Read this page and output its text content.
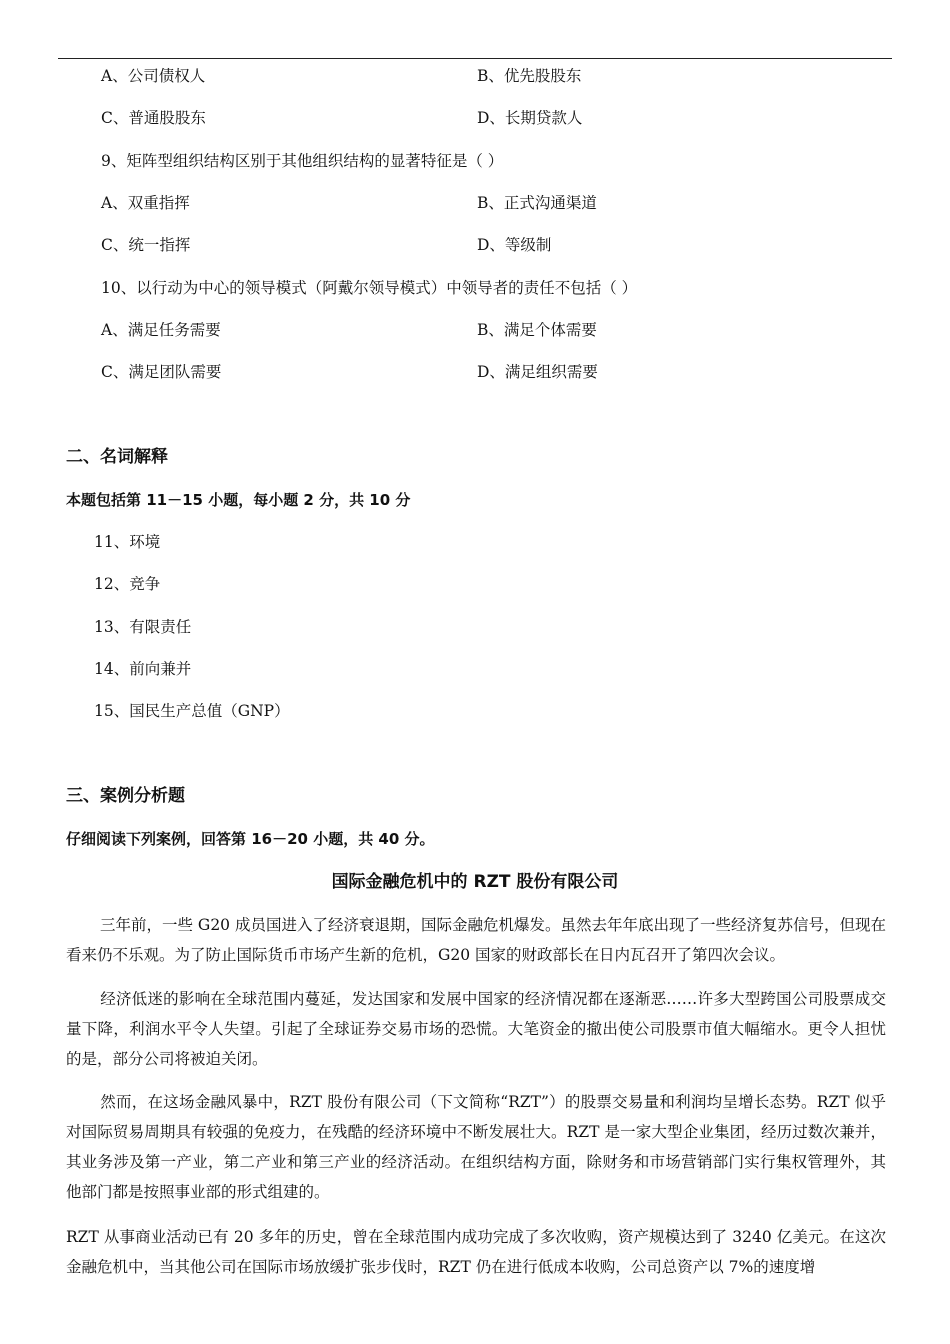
A、公司债权人	B、优先股股东
C、普通股股东	D、长期贷款人
9、矩阵型组织结构区别于其他组织结构的显著特征是（ ）
A、双重指挥	B、正式沟通渠道
C、统一指挥	D、等级制
10、以行动为中心的领导模式（阿戴尔领导模式）中领导者的责任不包括（ ）
A、满足任务需要	B、满足个体需要
C、满足团队需要	D、满足组织需要
二、名词解释
本题包括第 11－15 小题，每小题 2 分，共 10 分
11、环境
12、竞争
13、有限责任
14、前向兼并
15、国民生产总值（GNP）
三、案例分析题
仔细阅读下列案例，回答第 16－20 小题，共 40 分。
国际金融危机中的 RZT 股份有限公司
三年前，一些 G20 成员国进入了经济衰退期，国际金融危机爆发。虽然去年年底出现了一些经济复苏信号，但现在看来仍不乐观。为了防止国际货币市场产生新的危机，G20 国家的财政部长在日内瓦召开了第四次会议。
经济低迷的影响在全球范围内蔓延，发达国家和发展中国家的经济情况都在逐渐恶……许多大型跨国公司股票成交量下降，利润水平令人失望。引起了全球证券交易市场的恐慌。大笔资金的撤出使公司股票市值大幅缩水。更令人担忧的是，部分公司将被迫关闭。
然而，在这场金融风暴中，RZT 股份有限公司（下文简称“RZT”）的股票交易量和利润均呈增长态势。RZT 似乎对国际贸易周期具有较强的免疫力，在残酷的经济环境中不断发展壮大。RZT 是一家大型企业集团，经历过数次兼并，其业务涉及第一产业，第二产业和第三产业的经济活动。在组织结构方面，除财务和市场营销部门实行集权管理外，其他部门都是按照事业部的形式组建的。
RZT 从事商业活动已有 20 多年的历史，曾在全球范围内成功完成了多次收购，资产规模达到了 3240 亿美元。在这次金融危机中，当其他公司在国际市场放缓扩张步伐时，RZT 仍在进行低成本收购，公司总资产以 7%的速度增
